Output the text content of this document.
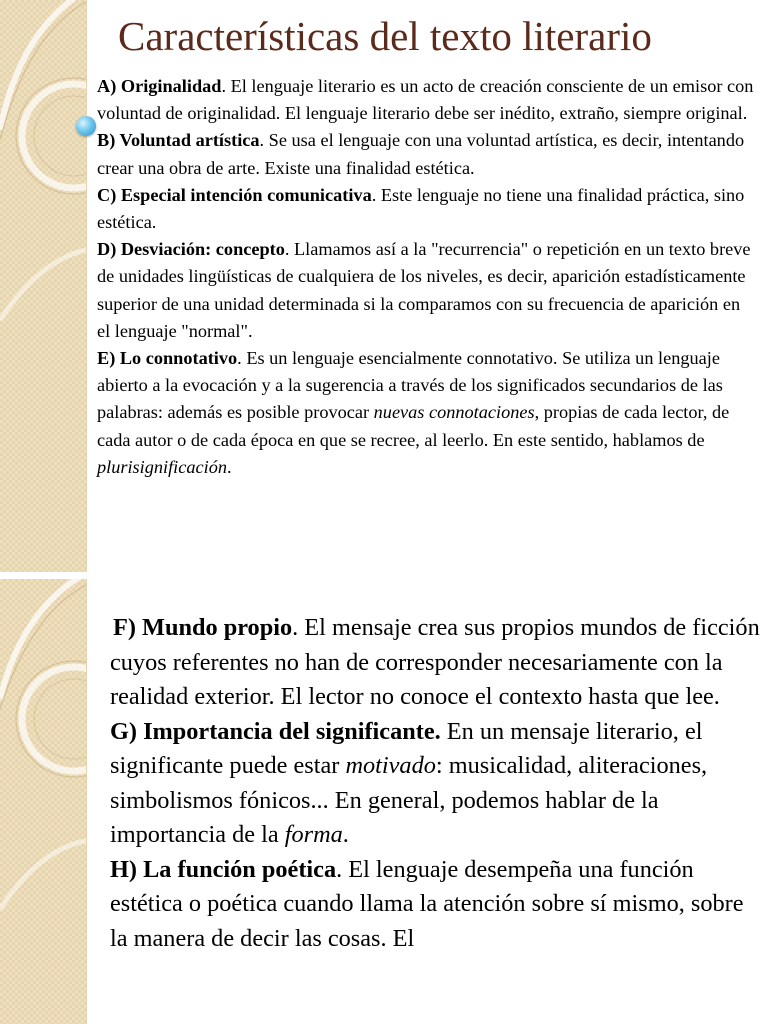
Características del texto literario

A) Originalidad. El lenguaje literario es un acto de creación consciente de un emisor con voluntad de originalidad. El lenguaje literario debe ser inédito, extraño, siempre original.

B) Voluntad artística. Se usa el lenguaje con una voluntad artística, es decir, intentando crear una obra de arte. Existe una finalidad estética.

C) Especial intención comunicativa. Este lenguaje no tiene una finalidad práctica, sino estética.

D) Desviación: concepto. Llamamos así a la "recurrencia" o repetición en un texto breve de unidades lingüísticas de cualquiera de los niveles, es decir, aparición estadísticamente superior de una unidad determinada si la comparamos con su frecuencia de aparición en el lenguaje "normal".

E) Lo connotativo. Es un lenguaje esencialmente connotativo. Se utiliza un lenguaje abierto a la evocación y a la sugerencia a través de los significados secundarios de las palabras: además es posible provocar nuevas connotaciones, propias de cada lector, de cada autor o de cada época en que se recree, al leerlo. En este sentido, hablamos de plurisignificación.

F) Mundo propio. El mensaje crea sus propios mundos de ficción cuyos referentes no han de corresponder necesariamente con la realidad exterior. El lector no conoce el contexto hasta que lee.

G) Importancia del significante. En un mensaje literario, el significante puede estar motivado: musicalidad, aliteraciones, simbolismos fónicos... En general, podemos hablar de la importancia de la forma.

H) La función poética. El lenguaje desempeña una función estética o poética cuando llama la atención sobre sí mismo, sobre la manera de decir las cosas. El
